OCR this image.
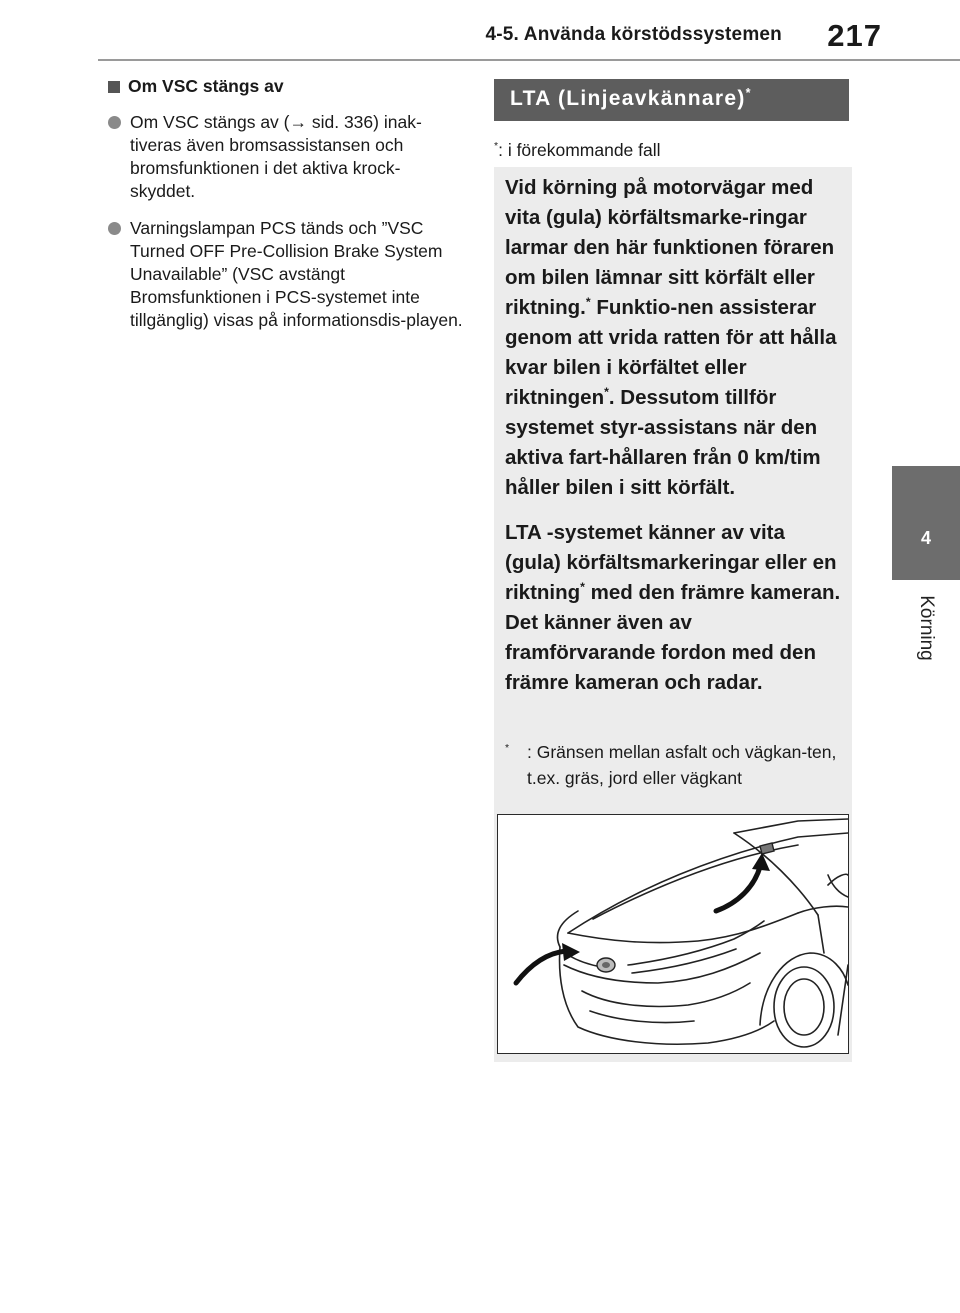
4-5. Använda körstödssystemen 217
4
Körning
Om VSC stängs av
Om VSC stängs av (→ sid. 336) inak-tiveras även bromsassistansen och bromsfunktionen i det aktiva krock-skyddet.
Varningslampan PCS tänds och ”VSC Turned OFF Pre-Collision Brake System Unavailable” (VSC avstängt Bromsfunktionen i PCS-systemet inte tillgänglig) visas på informationsdis-playen.
LTA (Linjeavkännare)*
*: i förekommande fall

Vid körning på motorvägar med vita (gula) körfältsmarke-ringar larmar den här funktionen föraren om bilen lämnar sitt körfält eller riktning.* Funktio-nen assisterar genom att vrida ratten för att hålla kvar bilen i körfältet eller riktningen*. Dessutom tillför systemet styr-assistans när den aktiva fart-hållaren från 0 km/tim håller bilen i sitt körfält.

LTA -systemet känner av vita (gula) körfältsmarkeringar eller en riktning* med den främre kameran. Det känner även av framförvarande fordon med den främre kameran och radar.

* : Gränsen mellan asfalt och vägkan-ten, t.ex. gräs, jord eller vägkant
